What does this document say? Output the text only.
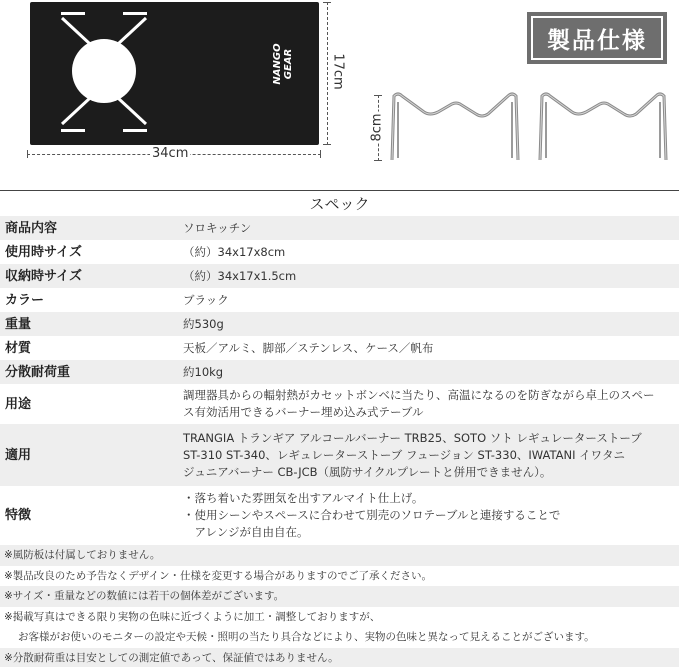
NANGO GEAR
34cm
17cm
8cm
製品仕様
スペック
商品内容	ソロキッチン
使用時サイズ	（約）34x17x8cm
収納時サイズ	（約）34x17x1.5cm
カラー	ブラック
重量	約530g
材質	天板／アルミ、脚部／ステンレス、ケース／帆布
分散耐荷重	約10kg
用途	調理器具からの輻射熱がカセットボンベに当たり、高温になるのを防ぎながら卓上のスペー
ス有効活用できるバーナー埋め込み式テーブル

適用	TRANGIA トランギア アルコールバーナー TRB25、SOTO ソト レギュレーターストーブ
ST-310 ST-340、レギュレーターストーブ フュージョン ST-330、IWATANI イワタニ
ジュニアバーナー CB-JCB（風防サイクルプレートと併用できません）。

特徴	・落ち着いた雰囲気を出すアルマイト仕上げ。
・使用シーンやスペースに合わせて別売のソロテーブルと連接することで
　アレンジが自由自在。
※風防板は付属しておりません。
※製品改良のため予告なくデザイン・仕様を変更する場合がありますのでご了承ください。
※サイズ・重量などの数値には若干の個体差がございます。
※掲載写真はできる限り実物の色味に近づくように加工・調整しておりますが、
お客様がお使いのモニターの設定や天候・照明の当たり具合などにより、実物の色味と異なって見えることがございます。
※分散耐荷重は目安としての測定値であって、保証値ではありません。
